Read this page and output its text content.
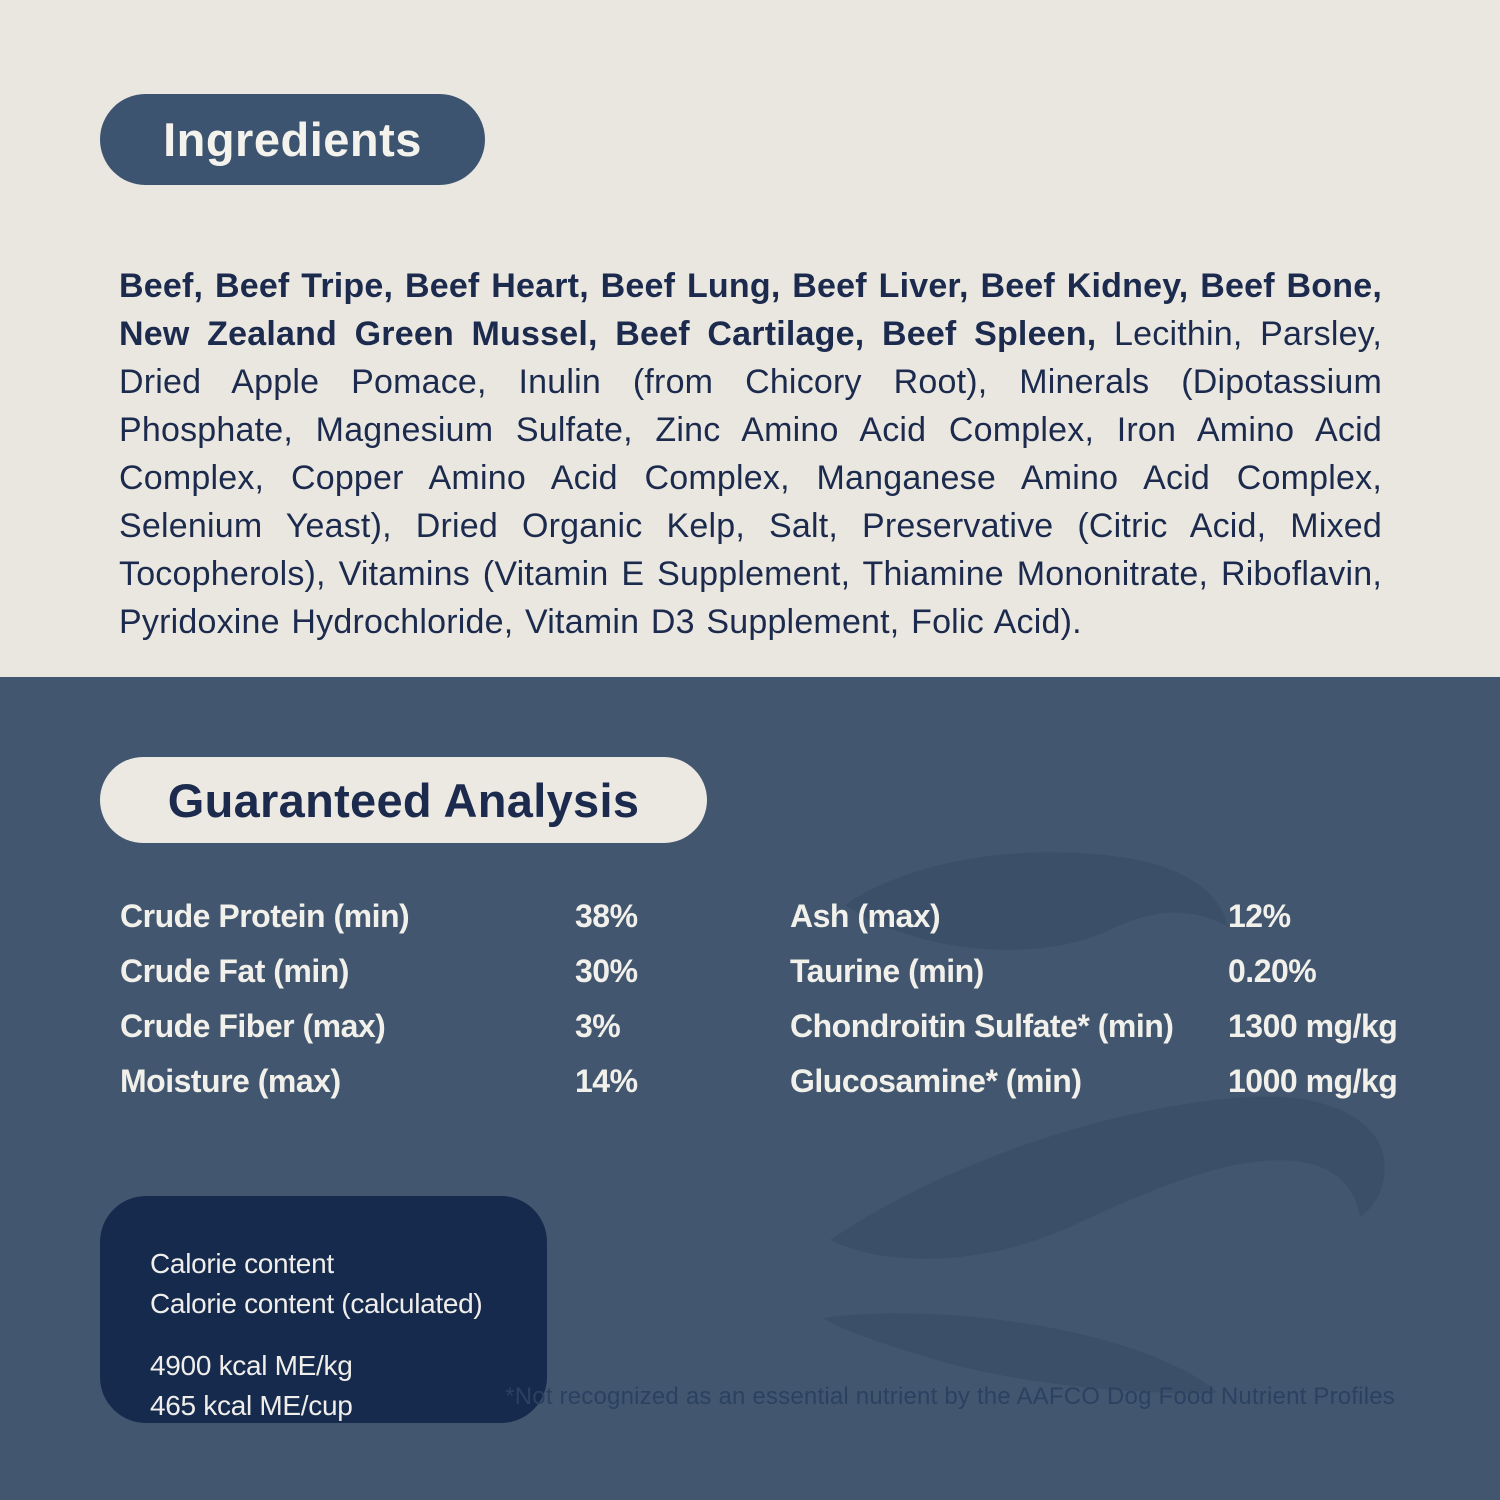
Ingredients

Beef, Beef Tripe, Beef Heart, Beef Lung, Beef Liver, Beef Kidney, Beef Bone, New Zealand Green Mussel, Beef Cartilage, Beef Spleen, Lecithin, Parsley, Dried Apple Pomace, Inulin (from Chicory Root), Minerals (Dipotassium Phosphate, Magnesium Sulfate, Zinc Amino Acid Complex, Iron Amino Acid Complex, Copper Amino Acid Complex, Manganese Amino Acid Complex, Selenium Yeast), Dried Organic Kelp, Salt, Preservative (Citric Acid, Mixed Tocopherols), Vitamins (Vitamin E Supplement, Thiamine Mononitrate, Riboflavin, Pyridoxine Hydrochloride, Vitamin D3 Supplement, Folic Acid).

Guaranteed Analysis
Crude Protein (min)	38%	Ash (max)	12%
Crude Fat (min)	30%	Taurine (min)	0.20%
Crude Fiber (max)	3%	Chondroitin Sulfate* (min)	1300 mg/kg
Moisture (max)	14%	Glucosamine* (min)	1000 mg/kg
Calorie content
Calorie content (calculated)
4900 kcal ME/kg
465 kcal ME/cup	*Not recognized as an essential nutrient by the AAFCO Dog Food Nutrient Profiles
